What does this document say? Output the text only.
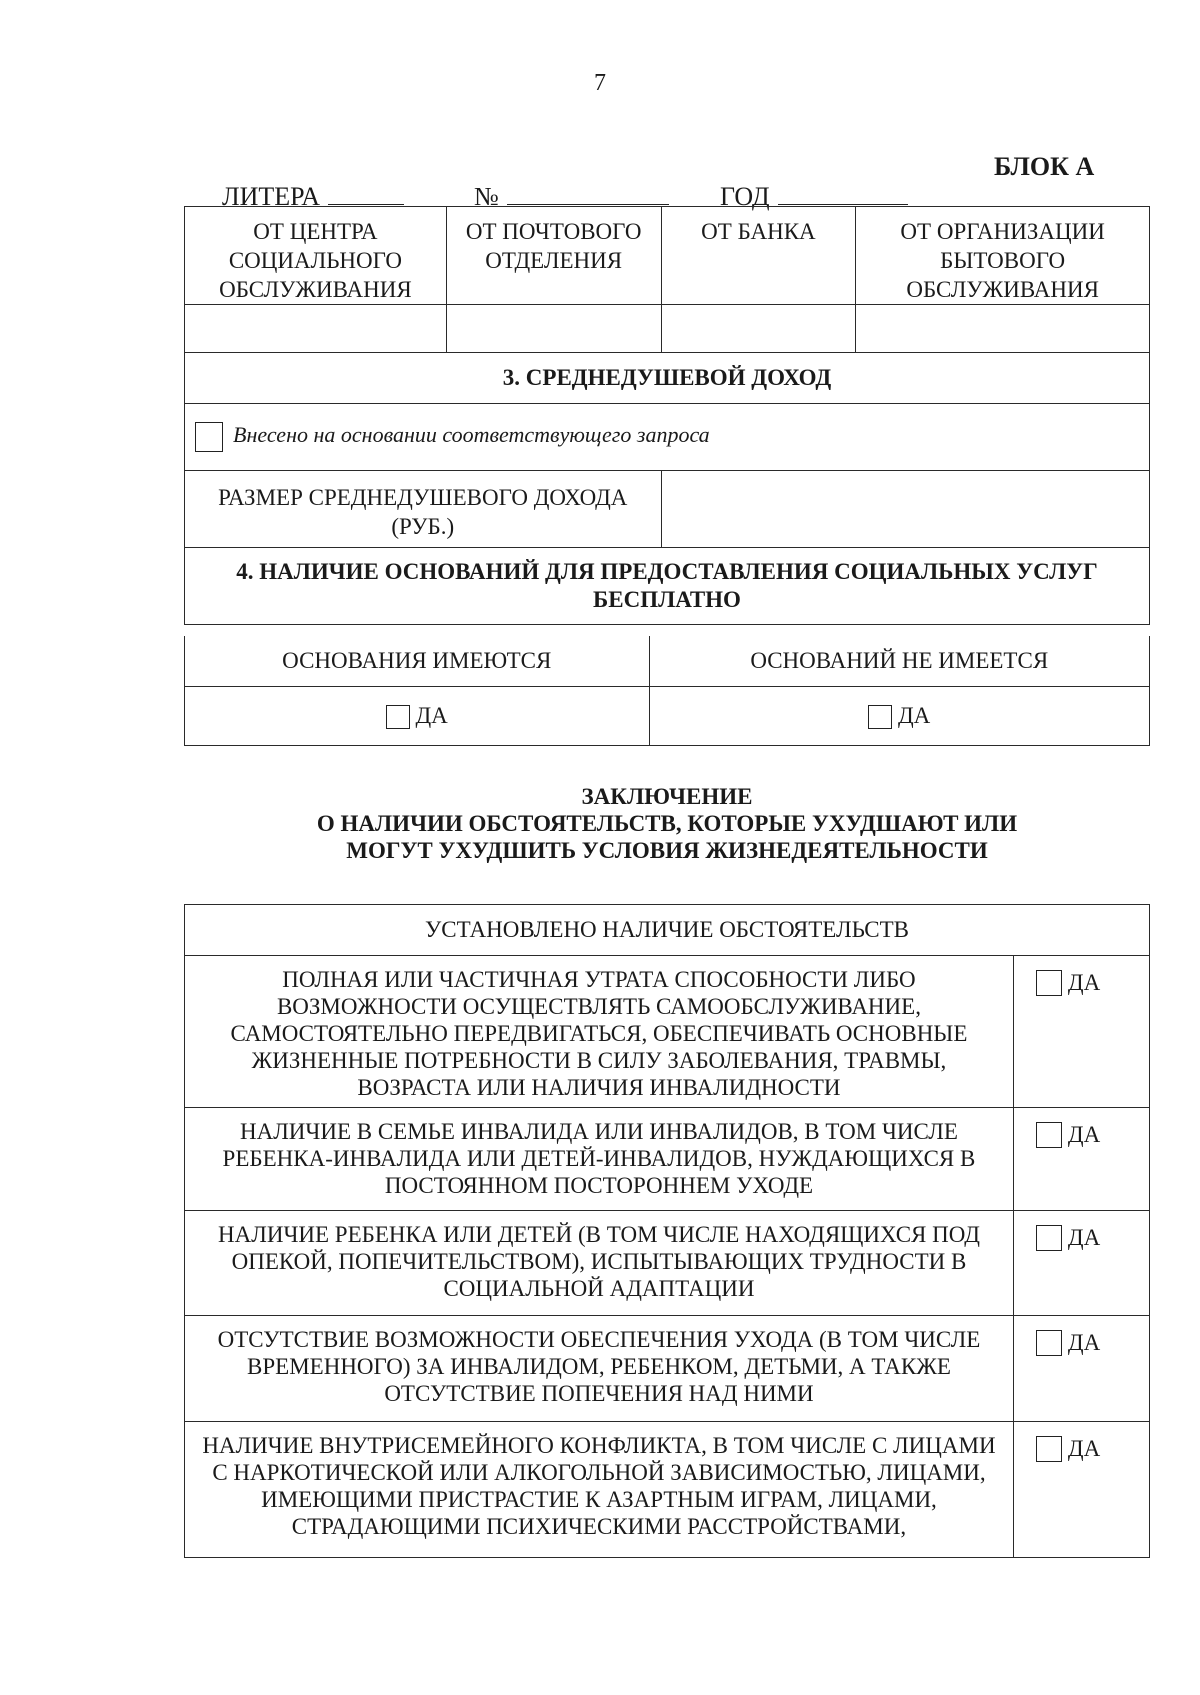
7

ЛИТЕРА
	№
	ГОД

БЛОК А
ОТ ЦЕНТРА СОЦИАЛЬНОГО ОБСЛУЖИВАНИЯ	ОТ ПОЧТОВОГО ОТДЕЛЕНИЯ	ОТ БАНКА	ОТ ОРГАНИЗАЦИИ БЫТОВОГО ОБСЛУЖИВАНИЯ

3. СРЕДНЕДУШЕВОЙ ДОХОД			
Внесено на основании соответствующего запроса			
РАЗМЕР СРЕДНЕДУШЕВОГО ДОХОДА (РУБ.)			
4. НАЛИЧИЕ ОСНОВАНИЙ ДЛЯ ПРЕДОСТАВЛЕНИЯ СОЦИАЛЬНЫХ УСЛУГ БЕСПЛАТНО			
ОСНОВАНИЯ ИМЕЮТСЯ	ОСНОВАНИЙ НЕ ИМЕЕТСЯ
ДА	ДА
ЗАКЛЮЧЕНИЕ
О НАЛИЧИИ ОБСТОЯТЕЛЬСТВ, КОТОРЫЕ УХУДШАЮТ ИЛИ
МОГУТ УХУДШИТЬ УСЛОВИЯ ЖИЗНЕДЕЯТЕЛЬНОСТИ
УСТАНОВЛЕНО НАЛИЧИЕ ОБСТОЯТЕЛЬСТВ	
ПОЛНАЯ ИЛИ ЧАСТИЧНАЯ УТРАТА СПОСОБНОСТИ ЛИБО ВОЗМОЖНОСТИ ОСУЩЕСТВЛЯТЬ САМООБСЛУЖИВАНИЕ, САМОСТОЯТЕЛЬНО ПЕРЕДВИГАТЬСЯ, ОБЕСПЕЧИВАТЬ ОСНОВНЫЕ ЖИЗНЕННЫЕ ПОТРЕБНОСТИ В СИЛУ ЗАБОЛЕВАНИЯ, ТРАВМЫ, ВОЗРАСТА ИЛИ НАЛИЧИЯ ИНВАЛИДНОСТИ	ДА
НАЛИЧИЕ В СЕМЬЕ ИНВАЛИДА ИЛИ ИНВАЛИДОВ, В ТОМ ЧИСЛЕ РЕБЕНКА-ИНВАЛИДА ИЛИ ДЕТЕЙ-ИНВАЛИДОВ, НУЖДАЮЩИХСЯ В ПОСТОЯННОМ ПОСТОРОННЕМ УХОДЕ	ДА
НАЛИЧИЕ РЕБЕНКА ИЛИ ДЕТЕЙ (В ТОМ ЧИСЛЕ НАХОДЯЩИХСЯ ПОД ОПЕКОЙ, ПОПЕЧИТЕЛЬСТВОМ), ИСПЫТЫВАЮЩИХ ТРУДНОСТИ В СОЦИАЛЬНОЙ АДАПТАЦИИ	ДА
ОТСУТСТВИЕ ВОЗМОЖНОСТИ ОБЕСПЕЧЕНИЯ УХОДА (В ТОМ ЧИСЛЕ ВРЕМЕННОГО) ЗА ИНВАЛИДОМ, РЕБЕНКОМ, ДЕТЬМИ, А ТАКЖЕ ОТСУТСТВИЕ ПОПЕЧЕНИЯ НАД НИМИ	ДА
НАЛИЧИЕ ВНУТРИСЕМЕЙНОГО КОНФЛИКТА, В ТОМ ЧИСЛЕ С ЛИЦАМИ С НАРКОТИЧЕСКОЙ ИЛИ АЛКОГОЛЬНОЙ ЗАВИСИМОСТЬЮ, ЛИЦАМИ, ИМЕЮЩИМИ ПРИСТРАСТИЕ К АЗАРТНЫМ ИГРАМ, ЛИЦАМИ, СТРАДАЮЩИМИ ПСИХИЧЕСКИМИ РАССТРОЙСТВАМИ,	ДА
